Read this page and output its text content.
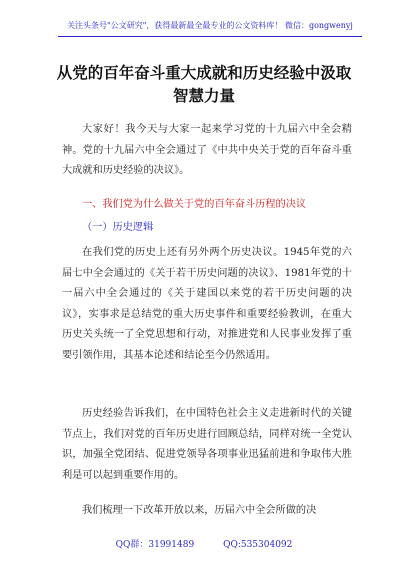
关注头条号"公文研究"，获得最新最全最专业的公文资料库！ 微信：gongwenyj
从党的百年奋斗重大成就和历史经验中汲取智慧力量
大家好！我今天与大家一起来学习党的十九届六中全会精神。党的十九届六中全会通过了《中共中央关于党的百年奋斗重大成就和历史经验的决议》。
一、我们党为什么做关于党的百年奋斗历程的决议
（一）历史逻辑
在我们党的历史上还有另外两个历史决议。1945年党的六届七中全会通过的《关于若干历史问题的决议》、1981年党的十一届六中全会通过的《关于建国以来党的若干历史问题的决议》，实事求是总结党的重大历史事件和重要经验教训，在重大历史关头统一了全党思想和行动，对推进党和人民事业发挥了重要引领作用，其基本论述和结论至今仍然适用。
历史经验告诉我们，在中国特色社会主义走进新时代的关键节点上，我们对党的百年历史进行回顾总结，同样对统一全党认识，加强全党团结、促进党领导各项事业迅猛前进和争取伟大胜利是可以起到重要作用的。
我们梳理一下改革开放以来，历届六中全会所做的决
QQ群：31991489	QQ:535304092
